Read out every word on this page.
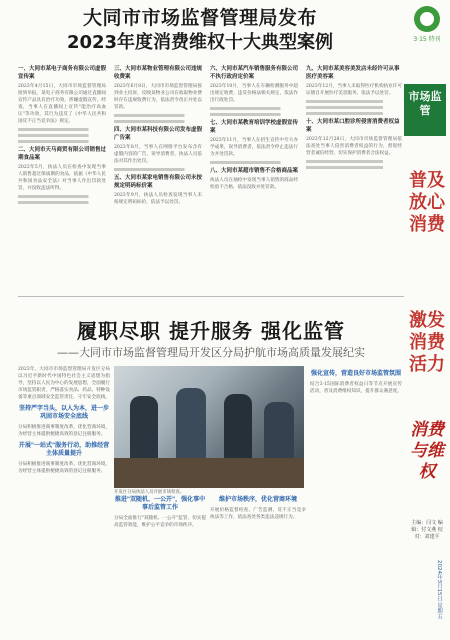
大同市市场监督管理局发布
2023年度消费维权十大典型案例	3·15 特刊
市场监管
03
普及放心消费
激发消费活力
消费与维权
主编：闫文 编辑：付文燕 校对：刘建平
2024年3月15日 星期五
一、大同市某电子商务有限公司虚假宣传案

2023年4月15日，大同市市场监督管理局接到举报，某电子商务有限公司通过直播间宣传产品具有治疗功效，涉嫌虚假宣传。经查，当事人在直播间上宣传"能治疗高血压"等功效，其行为违反了《中华人民共和国反不正当竞争法》规定。

二、大同市天马商贸有限公司销售过期食品案

2023年5月，执法人员在检查中发现当事人销售超过保质期的食品，依据《中华人民共和国食品安全法》对当事人作出罚款处罚，并没收违法所得。

三、大同市某物业管理有限公司违规收费案

2023年6月8日，大同市市场监督管理局接到业主投诉，反映某物业公司在收取物业费时存在违规收费行为，依法责令改正并处以罚款。

四、大同市某科技有限公司发布虚假广告案

2023年8月，当事人在网络平台发布含有虚假内容的广告，误导消费者，执法人员依法对其作出处罚。

五、大同市某家电销售有限公司未按规定明码标价案

2023年9月，执法人员检查发现当事人未按规定明码标价，依法予以处罚。

六、大同市某汽车销售服务有限公司不执行政府定价案

2023年10月，当事人在车辆检测服务中超出规定收费，违反价格法相关规定，依法作出行政处罚。

七、大同市某教育培训学校虚假宣传案

2023年11月，当事人在招生宣传中夸大办学成果，误导消费者，依法责令停止违法行为并处罚款。

八、大同市某超市销售不合格商品案

执法人员在抽检中发现当事人销售的商品经检验不合格，依法没收并处罚款。

九、大同市某美容美发店未经许可从事医疗美容案

2023年12月，当事人未取得医疗机构执业许可证擅自开展医疗美容服务，依法予以处罚。

十、大同市某口腔诊所侵害消费者权益案

2023年12月28日，大同市市场监督管理局依法查处当事人侵害消费者权益的行为，督促经营者诚信经营，切实保护消费者合法权益。

履职尽职 提升服务 强化监管
——大同市市场监督管理局开发区分局护航市场高质量发展纪实

2023年，大同市市场监督管理局开发区分局以习近平新时代中国特色社会主义思想为指导，坚持以人民为中心的发展思想，全面履行市场监管职责，严格落实食品、药品、特种设备等重点领域安全监管责任，守牢安全底线。

坚持严字当头，以人为本，进一步巩固市场安全底线

分局积极推进商事制度改革，优化营商环境，为经营主体提供便捷高效的登记注册服务。

开展"一站式"服务行动，助推经营主体质量提升

分局积极推进商事制度改革，优化营商环境，为经营主体提供便捷高效的登记注册服务。

推进"双随机、一公开"，强化事中事后监管工作

分局全面推行"双随机、一公开"监管，切实提高监管效能，维护公平竞争的市场秩序。

维护市场秩序，优化营商环境

开展价格监督检查、广告监测、反不正当竞争执法等工作，依法查处各类违法违规行为。

强化宣传，营造良好市场监管氛围

结合3·15国际消费者权益日等节点开展宣传活动，普及消费维权知识，提升群众满意度。

开发区分局执法人员开展市场检查。
